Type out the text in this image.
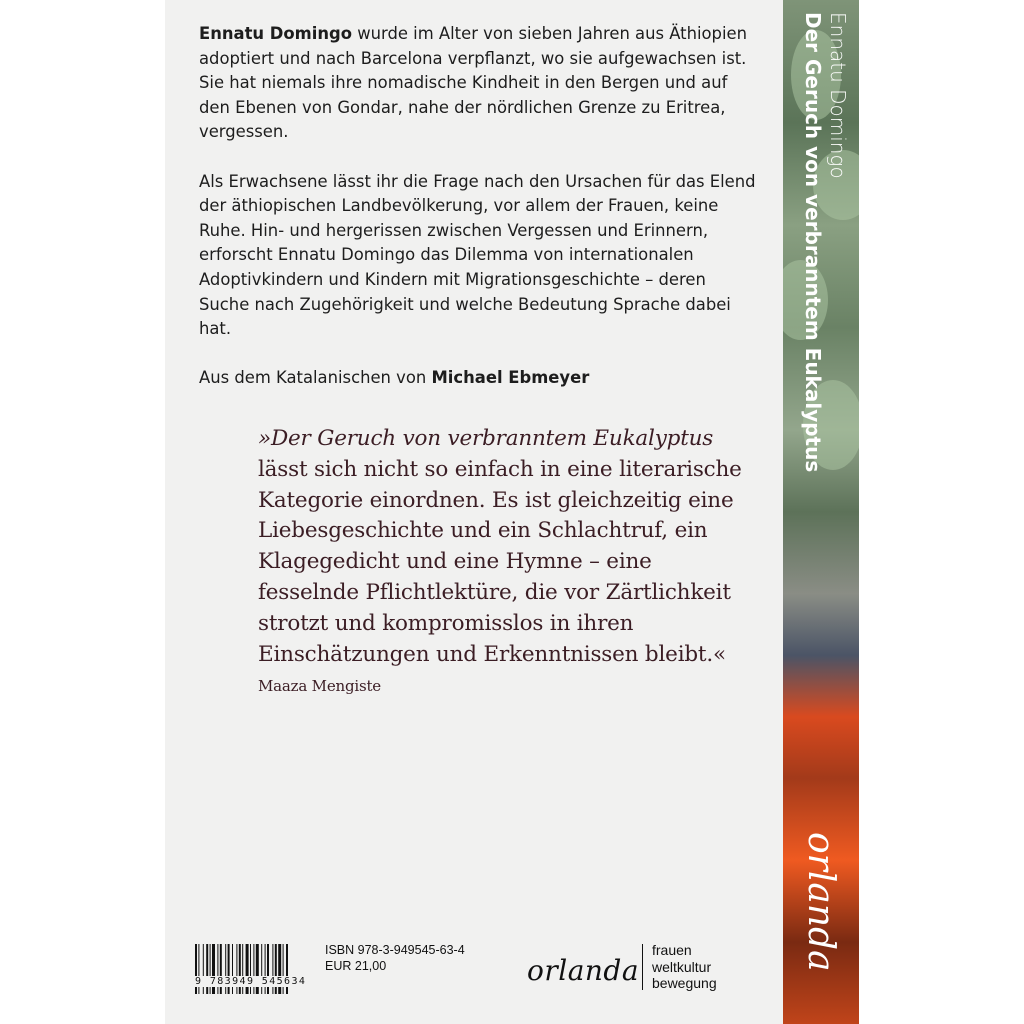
Ennatu Domingo
Der Geruch von verbranntem Eukalyptus
orlanda

Ennatu Domingo wurde im Alter von sieben Jahren aus Äthiopien adoptiert und nach Barcelona verpflanzt, wo sie aufgewachsen ist. Sie hat niemals ihre nomadische Kindheit in den Bergen und auf den Ebenen von Gondar, nahe der nördlichen Grenze zu Eritrea, vergessen.

Als Erwachsene lässt ihr die Frage nach den Ursachen für das Elend der äthiopischen Landbevölkerung, vor allem der Frauen, keine Ruhe. Hin- und hergerissen zwischen Vergessen und Erinnern, erforscht Ennatu Domingo das Dilemma von internationalen Adoptivkindern und Kindern mit Migrationsgeschichte – deren Suche nach Zugehörigkeit und welche Bedeutung Sprache dabei hat.

Aus dem Katalanischen von Michael Ebmeyer

»Der Geruch von verbranntem Eukalyptus lässt sich nicht so einfach in eine literarische Kategorie einordnen. Es ist gleichzeitig eine Liebesgeschichte und ein Schlachtruf, ein Klagegedicht und eine Hymne – eine fesselnde Pflichtlektüre, die vor Zärtlichkeit strotzt und kompromisslos in ihren Einschätzungen und Erkenntnissen bleibt.« Maaza Mengiste
9 783949 545634
ISBN 978-3-949545-63-4
EUR 21,00	orlanda
frauen
weltkultur
bewegung
